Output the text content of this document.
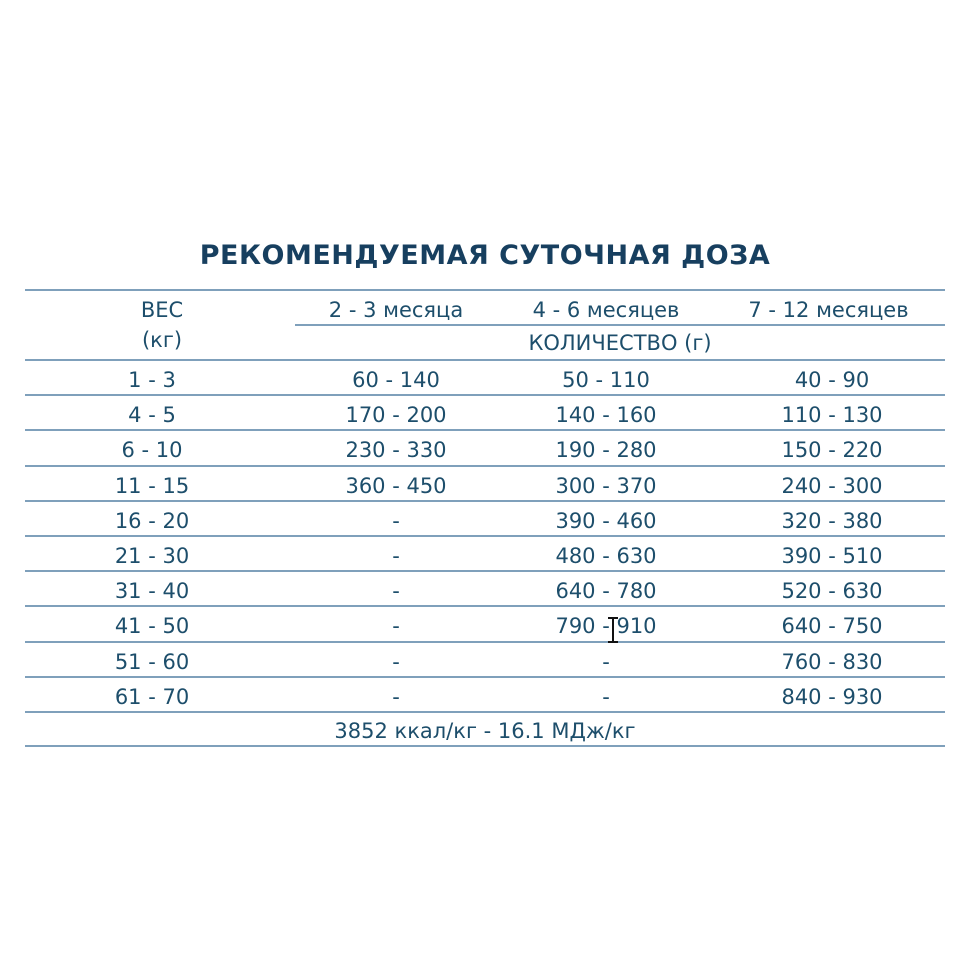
РЕКОМЕНДУЕМАЯ СУТОЧНАЯ ДОЗА
ВЕС
(кг)
2 - 3 месяца	4 - 6 месяцев	7 - 12 месяцев
КОЛИЧЕСТВО (г)
1 - 3	60 - 140	50 - 110	40 - 90
4 - 5	170 - 200	140 - 160	110 - 130
6 - 10	230 - 330	190 - 280	150 - 220
11 - 15	360 - 450	300 - 370	240 - 300
16 - 20	-	390 - 460	320 - 380
21 - 30	-	480 - 630	390 - 510
31 - 40	-	640 - 780	520 - 630
41 - 50	-	790 - 910	640 - 750
51 - 60	-	-	760 - 830
61 - 70	-	-	840 - 930
3852 ккал/кг - 16.1 МДж/кг
